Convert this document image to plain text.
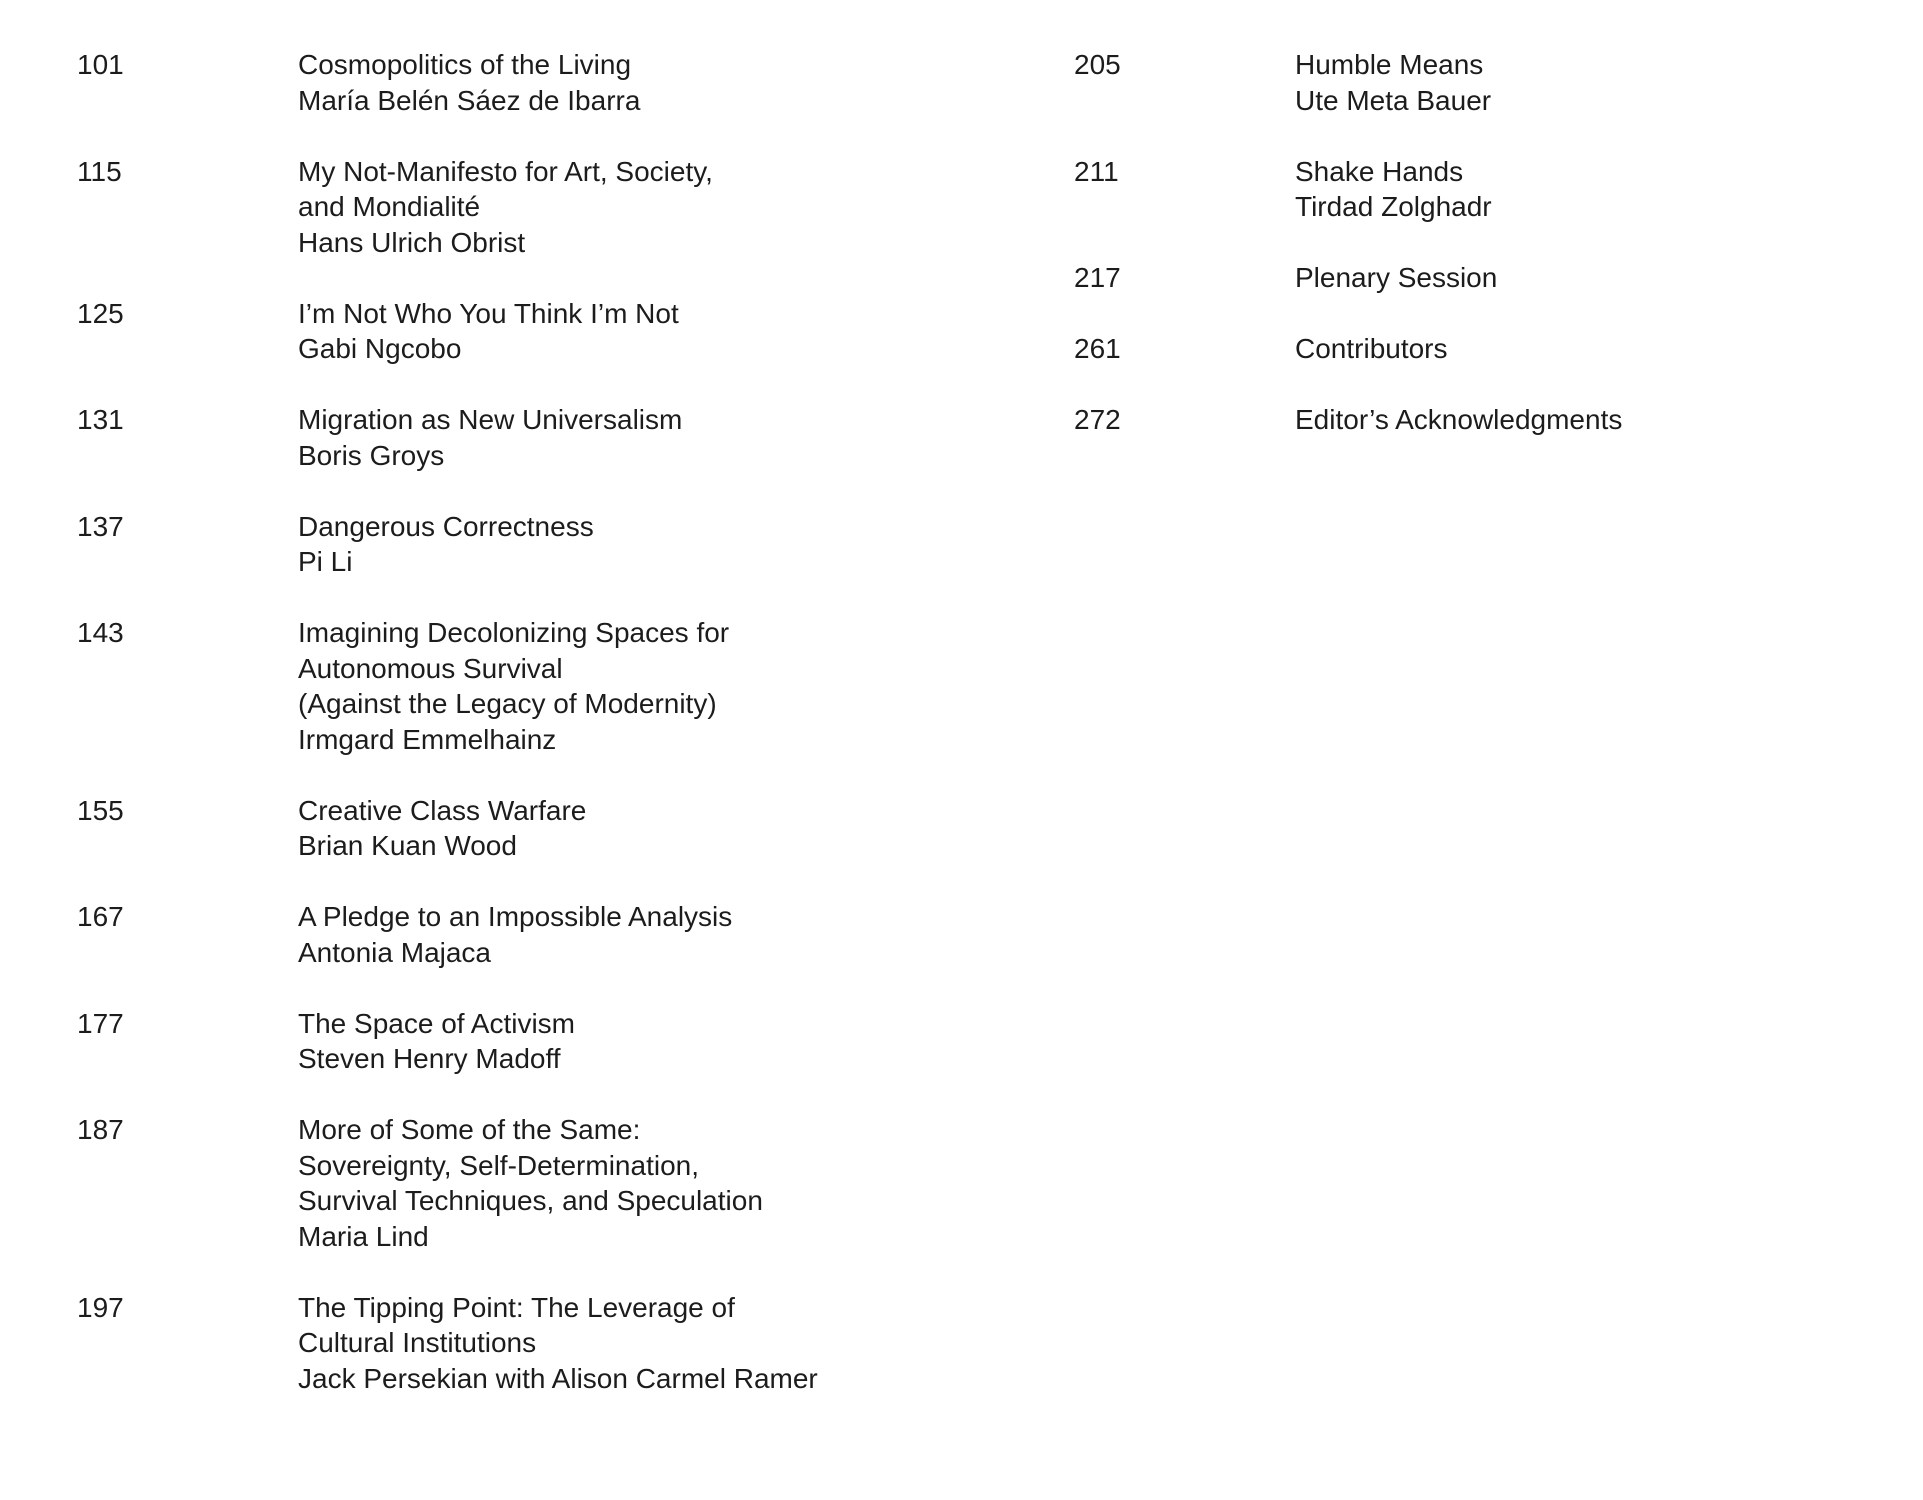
101	Cosmopolitics of the Living
María Belén Sáez de Ibarra
115	My Not-Manifesto for Art, Society,
and Mondialité
Hans Ulrich Obrist
125	I’m Not Who You Think I’m Not
Gabi Ngcobo
131	Migration as New Universalism
Boris Groys
137	Dangerous Correctness
Pi Li
143	Imagining Decolonizing Spaces for
Autonomous Survival
(Against the Legacy of Modernity)
Irmgard Emmelhainz
155	Creative Class Warfare
Brian Kuan Wood
167	A Pledge to an Impossible Analysis
Antonia Majaca
177	The Space of Activism
Steven Henry Madoff
187	More of Some of the Same:
Sovereignty, Self-Determination,
Survival Techniques, and Speculation
Maria Lind
197	The Tipping Point: The Leverage of
Cultural Institutions
Jack Persekian with Alison Carmel Ramer
205	Humble Means
Ute Meta Bauer
211	Shake Hands
Tirdad Zolghadr
217	Plenary Session
261	Contributors
272	Editor’s Acknowledgments
